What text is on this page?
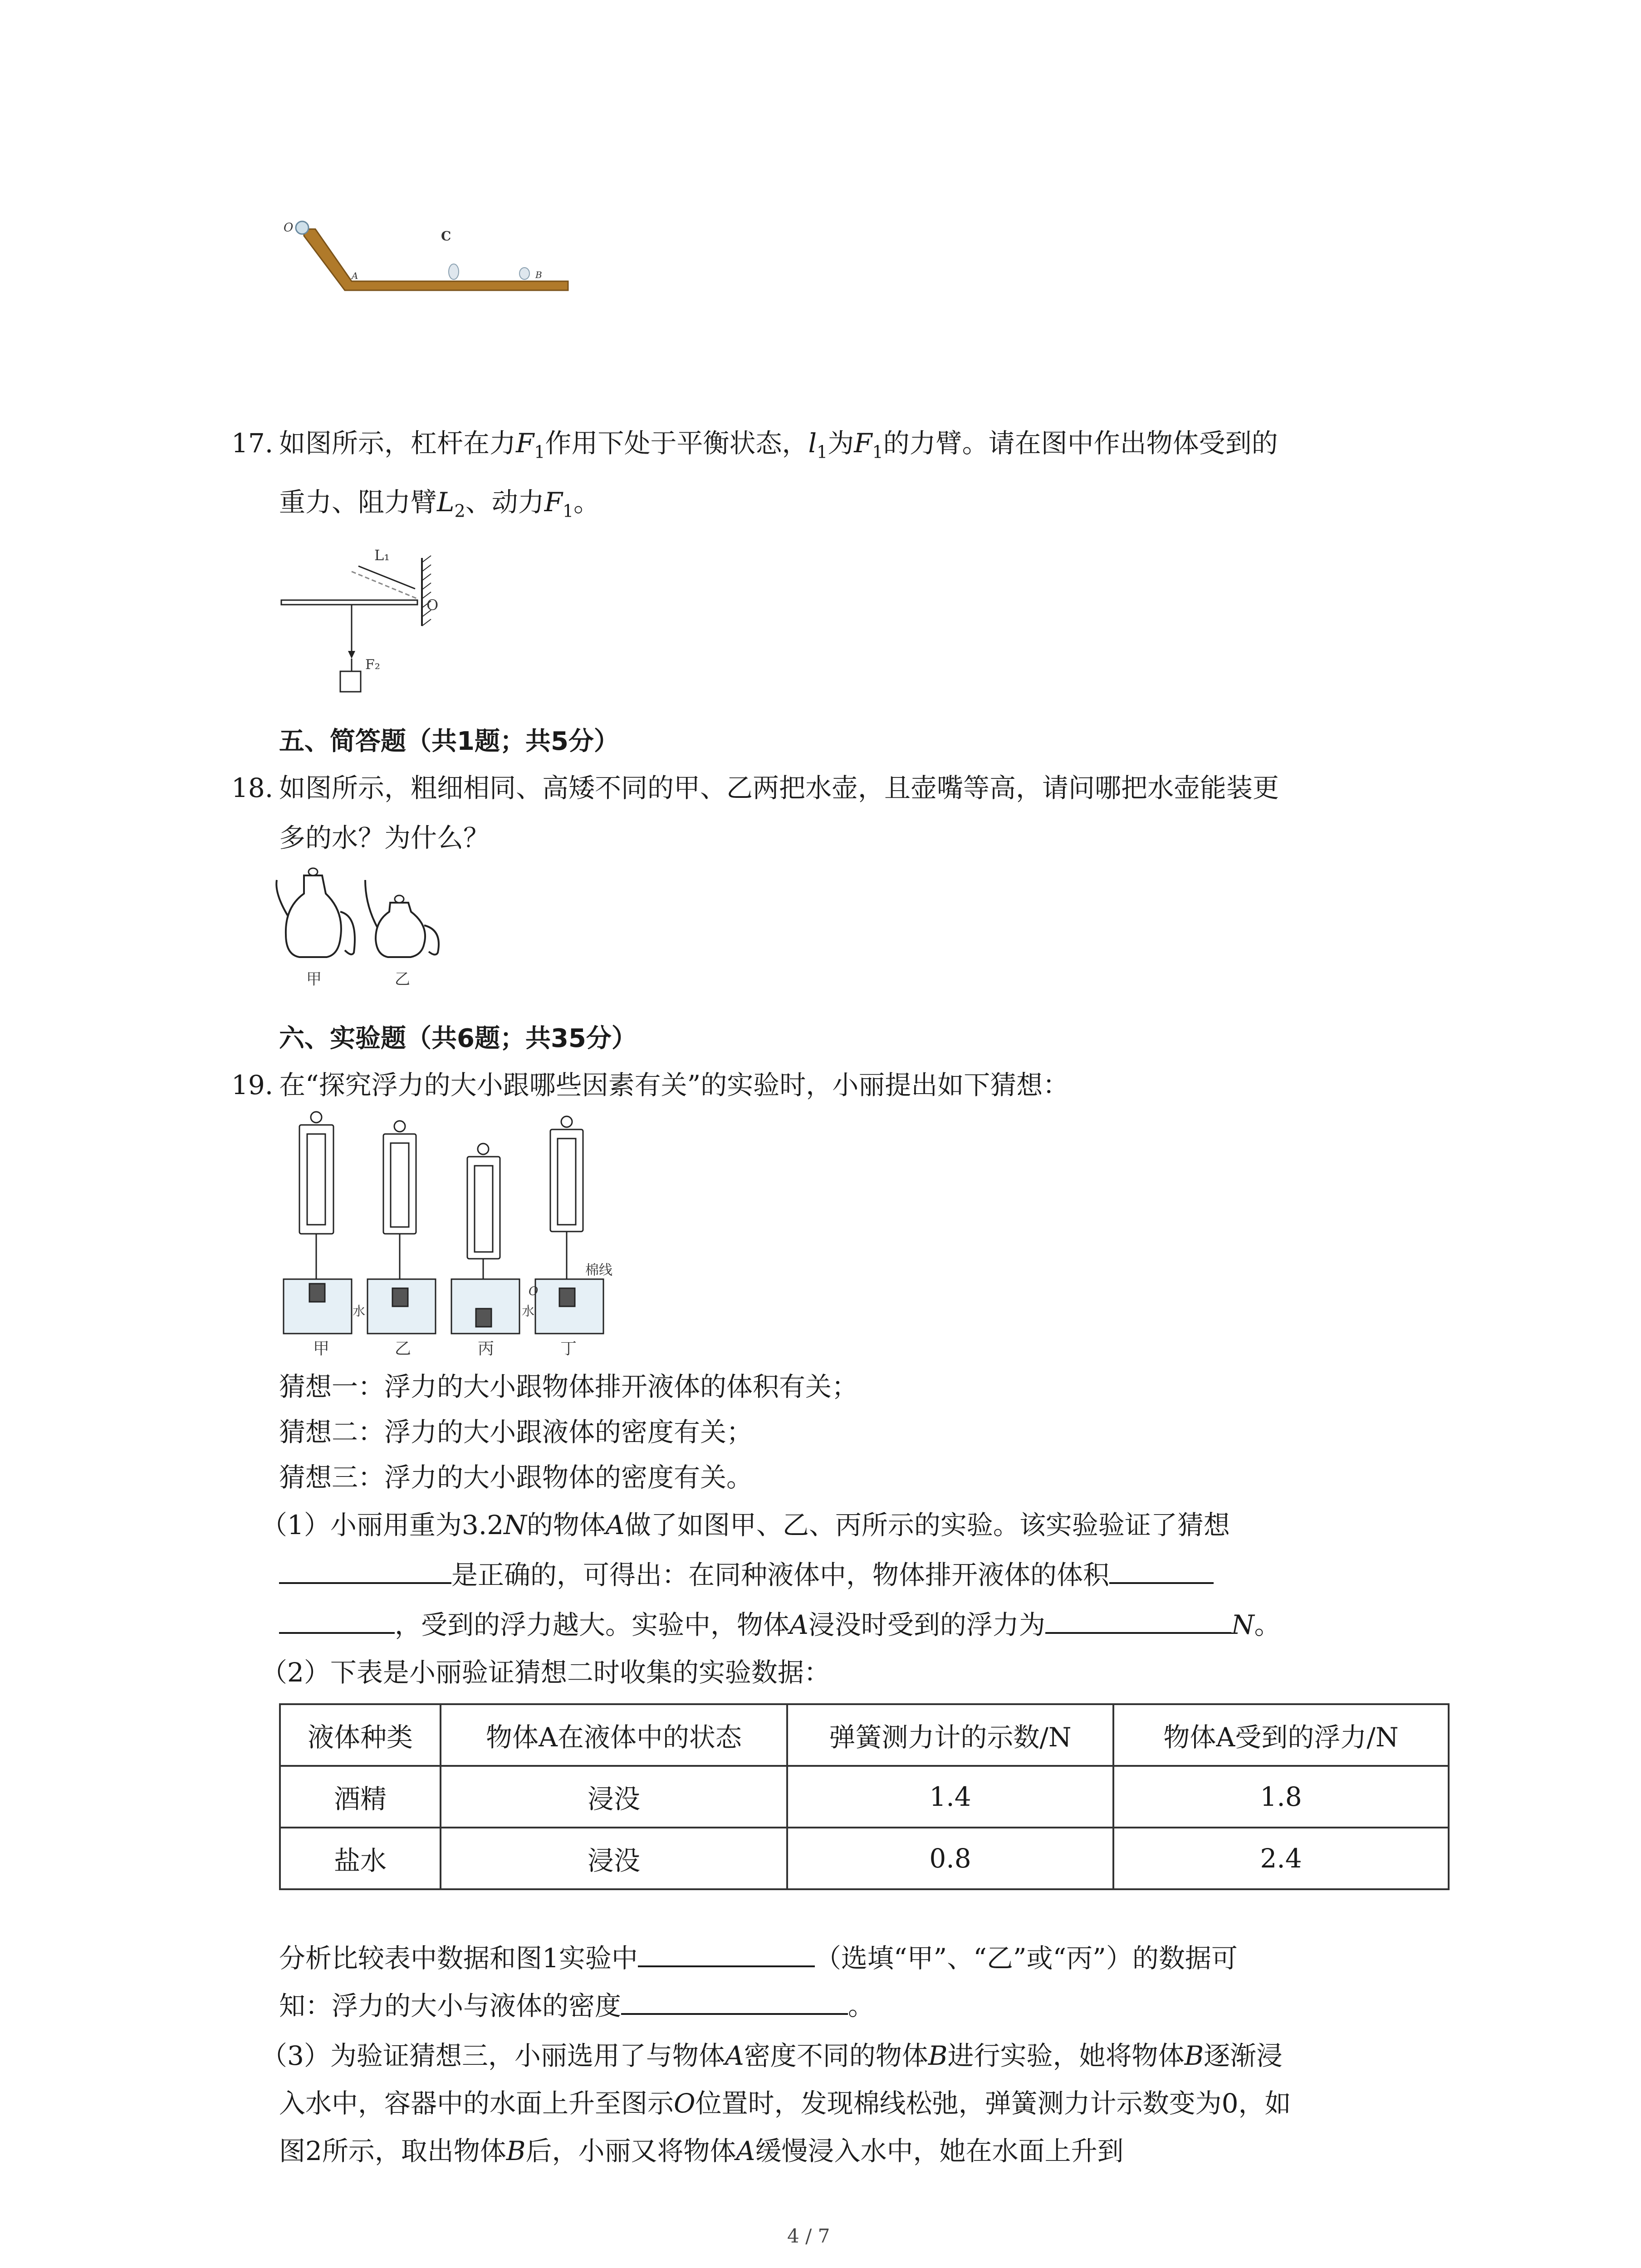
O
C
A	B
17. 如图所示，杠杆在力$F_1$作用下处于平衡状态，$l_1$为$F_1$的力臂。请在图中作出物体受到的
重力、阻力臂$L_2$、动力$F_1$。
L₁
O
F₂
五、简答题（共1题；共5分）
18. 如图所示，粗细相同、高矮不同的甲、乙两把水壶，且壶嘴等高，请问哪把水壶能装更
多的水？为什么？
甲	乙
六、实验题（共6题；共35分）
19. 在“探究浮力的大小跟哪些因素有关”的实验时，小丽提出如下猜想：
棉线
水	水
O
甲	乙	丙	丁
猜想一：浮力的大小跟物体排开液体的体积有关；
猜想二：浮力的大小跟液体的密度有关；
猜想三：浮力的大小跟物体的密度有关。
（1）小丽用重为3.2N的物体A做了如图甲、乙、丙所示的实验。该实验验证了猜想
是正确的，可得出：在同种液体中，物体排开液体的体积
，受到的浮力越大。实验中，物体A浸没时受到的浮力为	N。
（2）下表是小丽验证猜想二时收集的实验数据：
液体种类	物体A在液体中的状态	弹簧测力计的示数/N	物体A受到的浮力/N
酒精	浸没	1.4	1.8
盐水	浸没	0.8	2.4
分析比较表中数据和图1实验中	（选填“甲”、“乙”或“丙”）的数据可
知：浮力的大小与液体的密度	。
（3）为验证猜想三，小丽选用了与物体A密度不同的物体B进行实验，她将物体B逐渐浸
入水中，容器中的水面上升至图示O位置时，发现棉线松弛，弹簧测力计示数变为0，如
图2所示，取出物体B后，小丽又将物体A缓慢浸入水中，她在水面上升到
4 / 7
